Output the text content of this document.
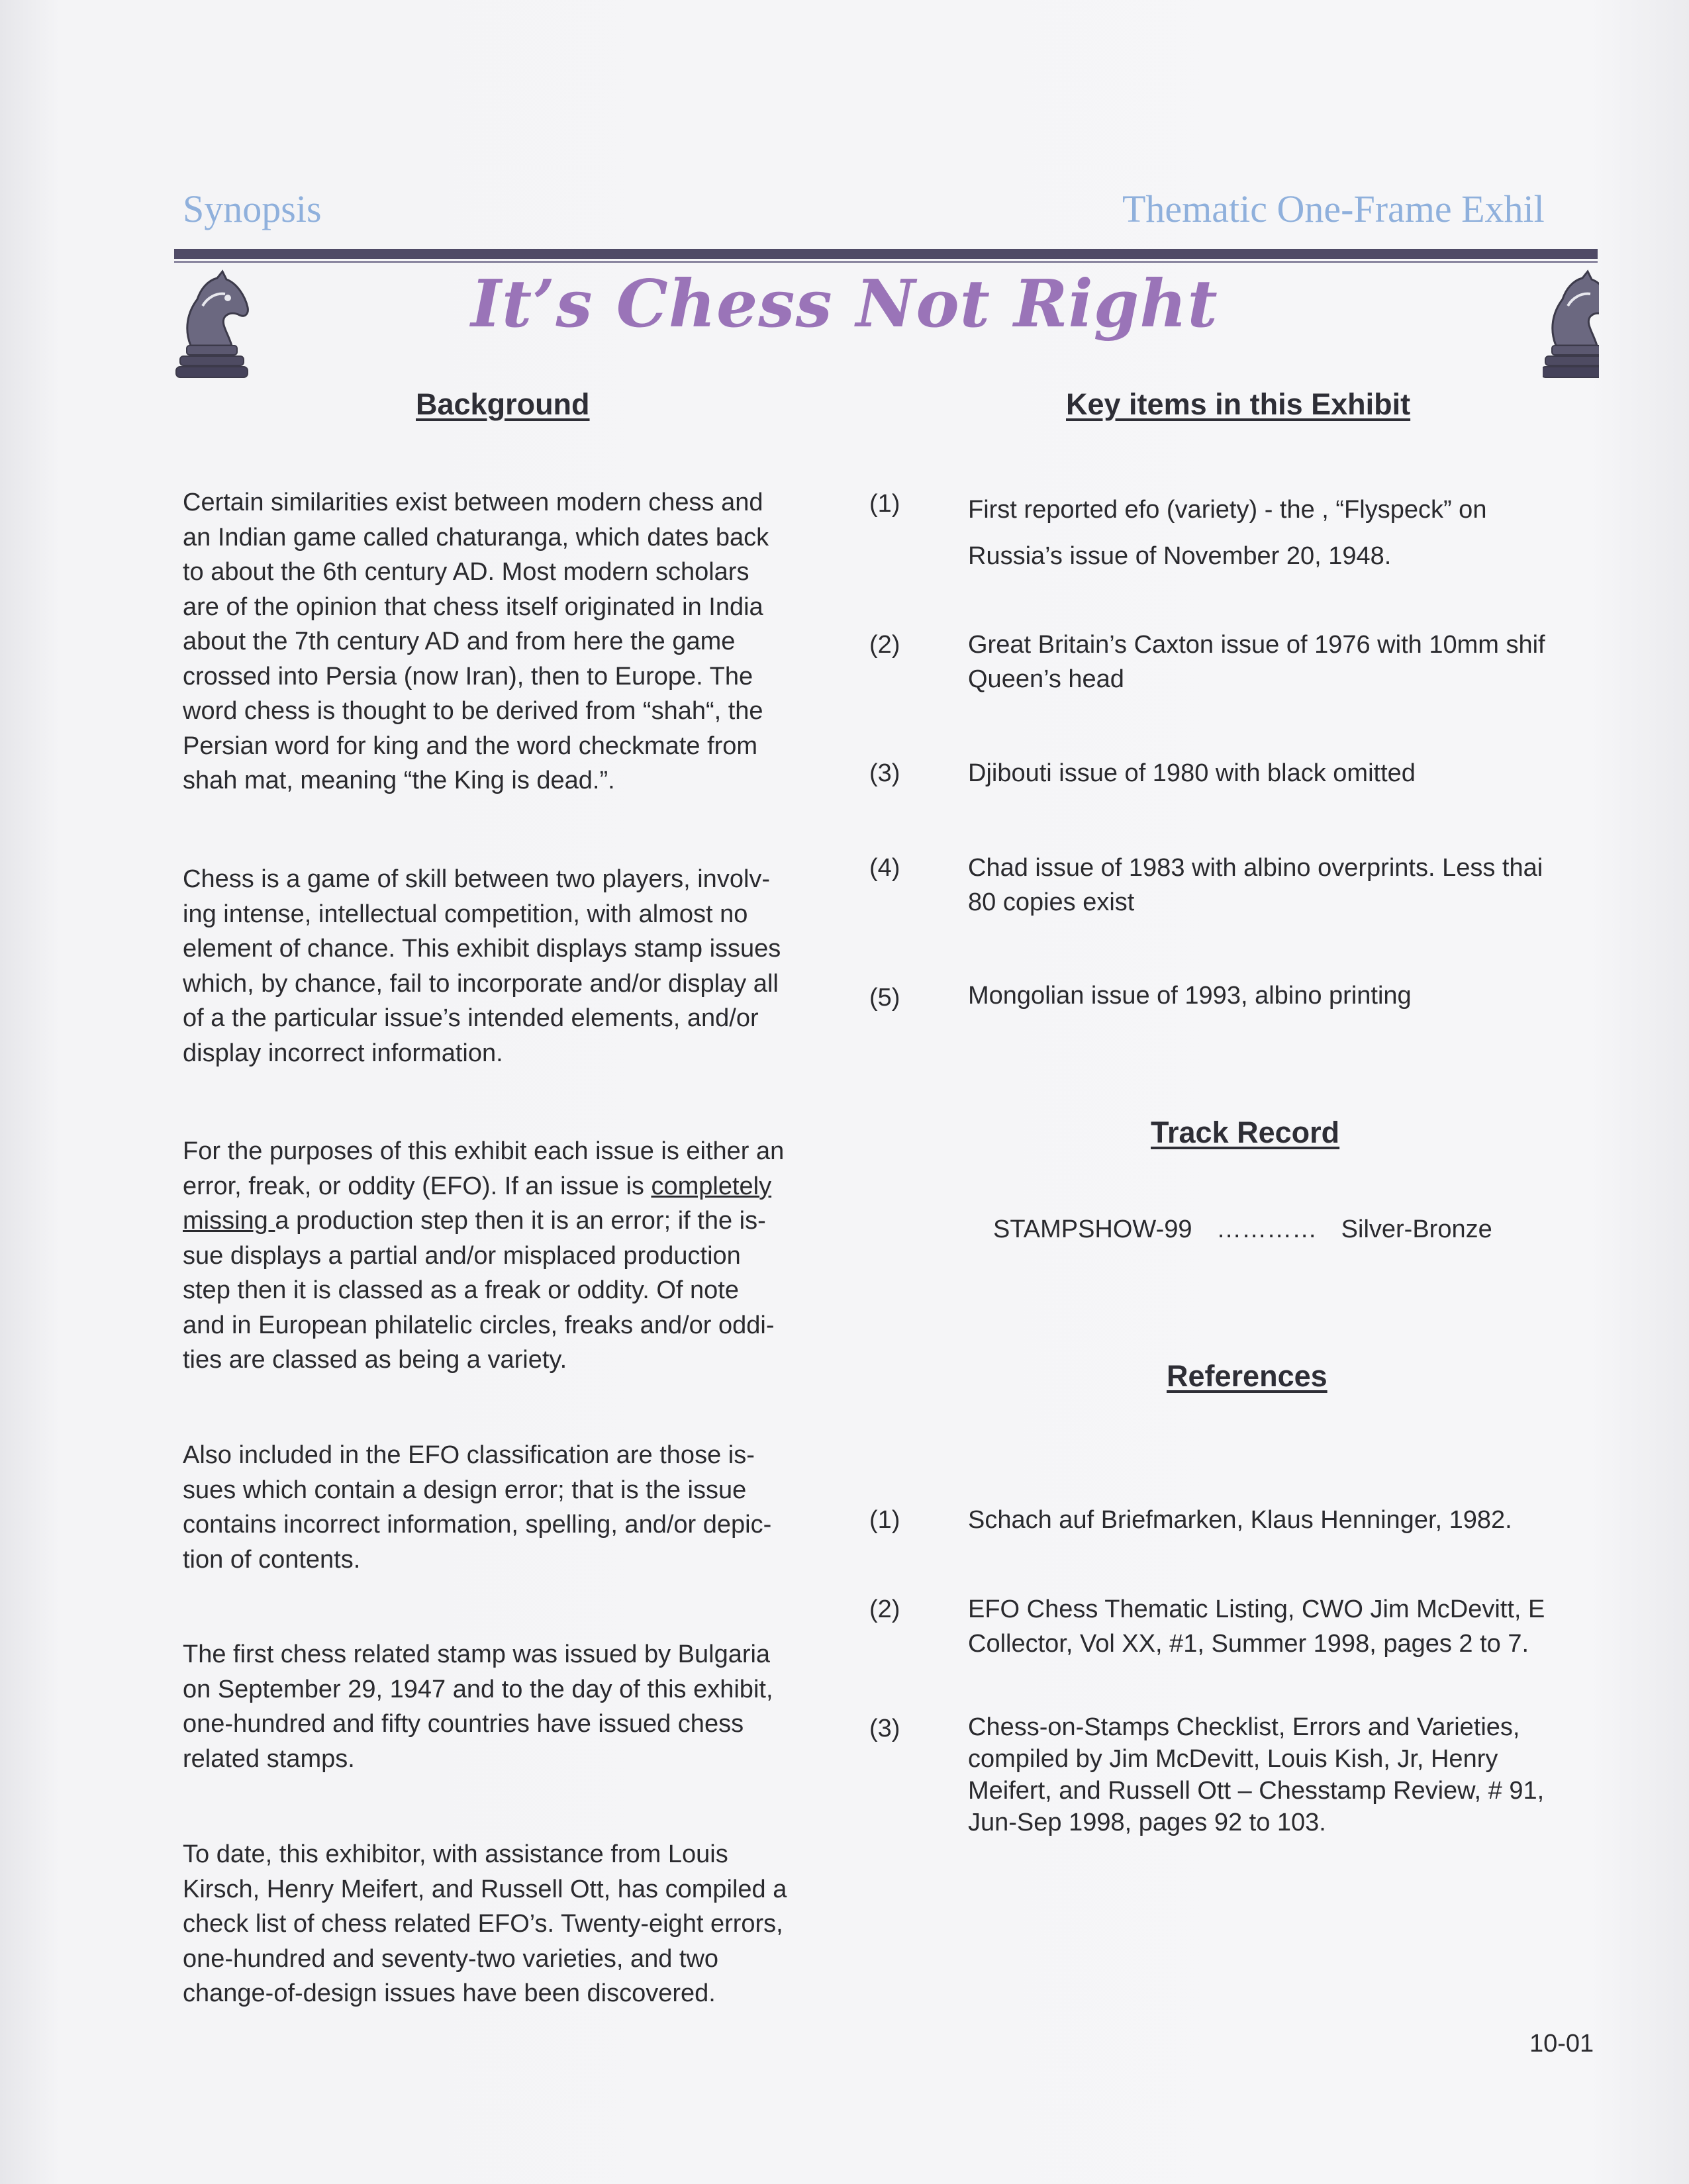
Synopsis	Thematic One-Frame Exhil
It’s Chess Not Right
Background

Certain similarities exist between modern chess and
an Indian game called chaturanga, which dates back
to about the 6th century AD. Most modern scholars
are of the opinion that chess itself originated in India
about the 7th century AD and from here the game
crossed into Persia (now Iran), then to Europe. The
word chess is thought to be derived from “shah“, the
Persian word for king and the word checkmate from
shah mat, meaning “the King is dead.”.

Chess is a game of skill between two players, involv-
ing intense, intellectual competition, with almost no
element of chance. This exhibit displays stamp issues
which, by chance, fail to incorporate and/or display all
of a the particular issue’s intended elements, and/or
display incorrect information.

For the purposes of this exhibit each issue is either an
error, freak, or oddity (EFO). If an issue is completely
missing a production step then it is an error; if the is-
sue displays a partial and/or misplaced production
step then it is classed as a freak or oddity. Of note
and in European philatelic circles, freaks and/or oddi-
ties are classed as being a variety.

Also included in the EFO classification are those is-
sues which contain a design error; that is the issue
contains incorrect information, spelling, and/or depic-
tion of contents.

The first chess related stamp was issued by Bulgaria
on September 29, 1947 and to the day of this exhibit,
one-hundred and fifty countries have issued chess
related stamps.

To date, this exhibitor, with assistance from Louis
Kirsch, Henry Meifert, and Russell Ott, has compiled a
check list of chess related EFO’s. Twenty-eight errors,
one-hundred and seventy-two varieties, and two
change-of-design issues have been discovered.

Key items in this Exhibit
(1)	First reported efo (variety) - the , “Flyspeck” on
Russia’s issue of November 20, 1948.
(2)	Great Britain’s Caxton issue of 1976 with 10mm shif
Queen’s head
(3)	Djibouti issue of 1980 with black omitted
(4)	Chad issue of 1983 with albino overprints. Less thai
80 copies exist
(5)	Mongolian issue of 1993, albino printing
Track Record
STAMPSHOW-99 ………… Silver-Bronze
References
(1)	Schach auf Briefmarken, Klaus Henninger, 1982.
(2)	EFO Chess Thematic Listing, CWO Jim McDevitt, E
Collector, Vol XX, #1, Summer 1998, pages 2 to 7.
(3)	Chess-on-Stamps Checklist, Errors and Varieties,
compiled by Jim McDevitt, Louis Kish, Jr, Henry
Meifert, and Russell Ott – Chesstamp Review, # 91,
Jun-Sep 1998, pages 92 to 103.
10-01
